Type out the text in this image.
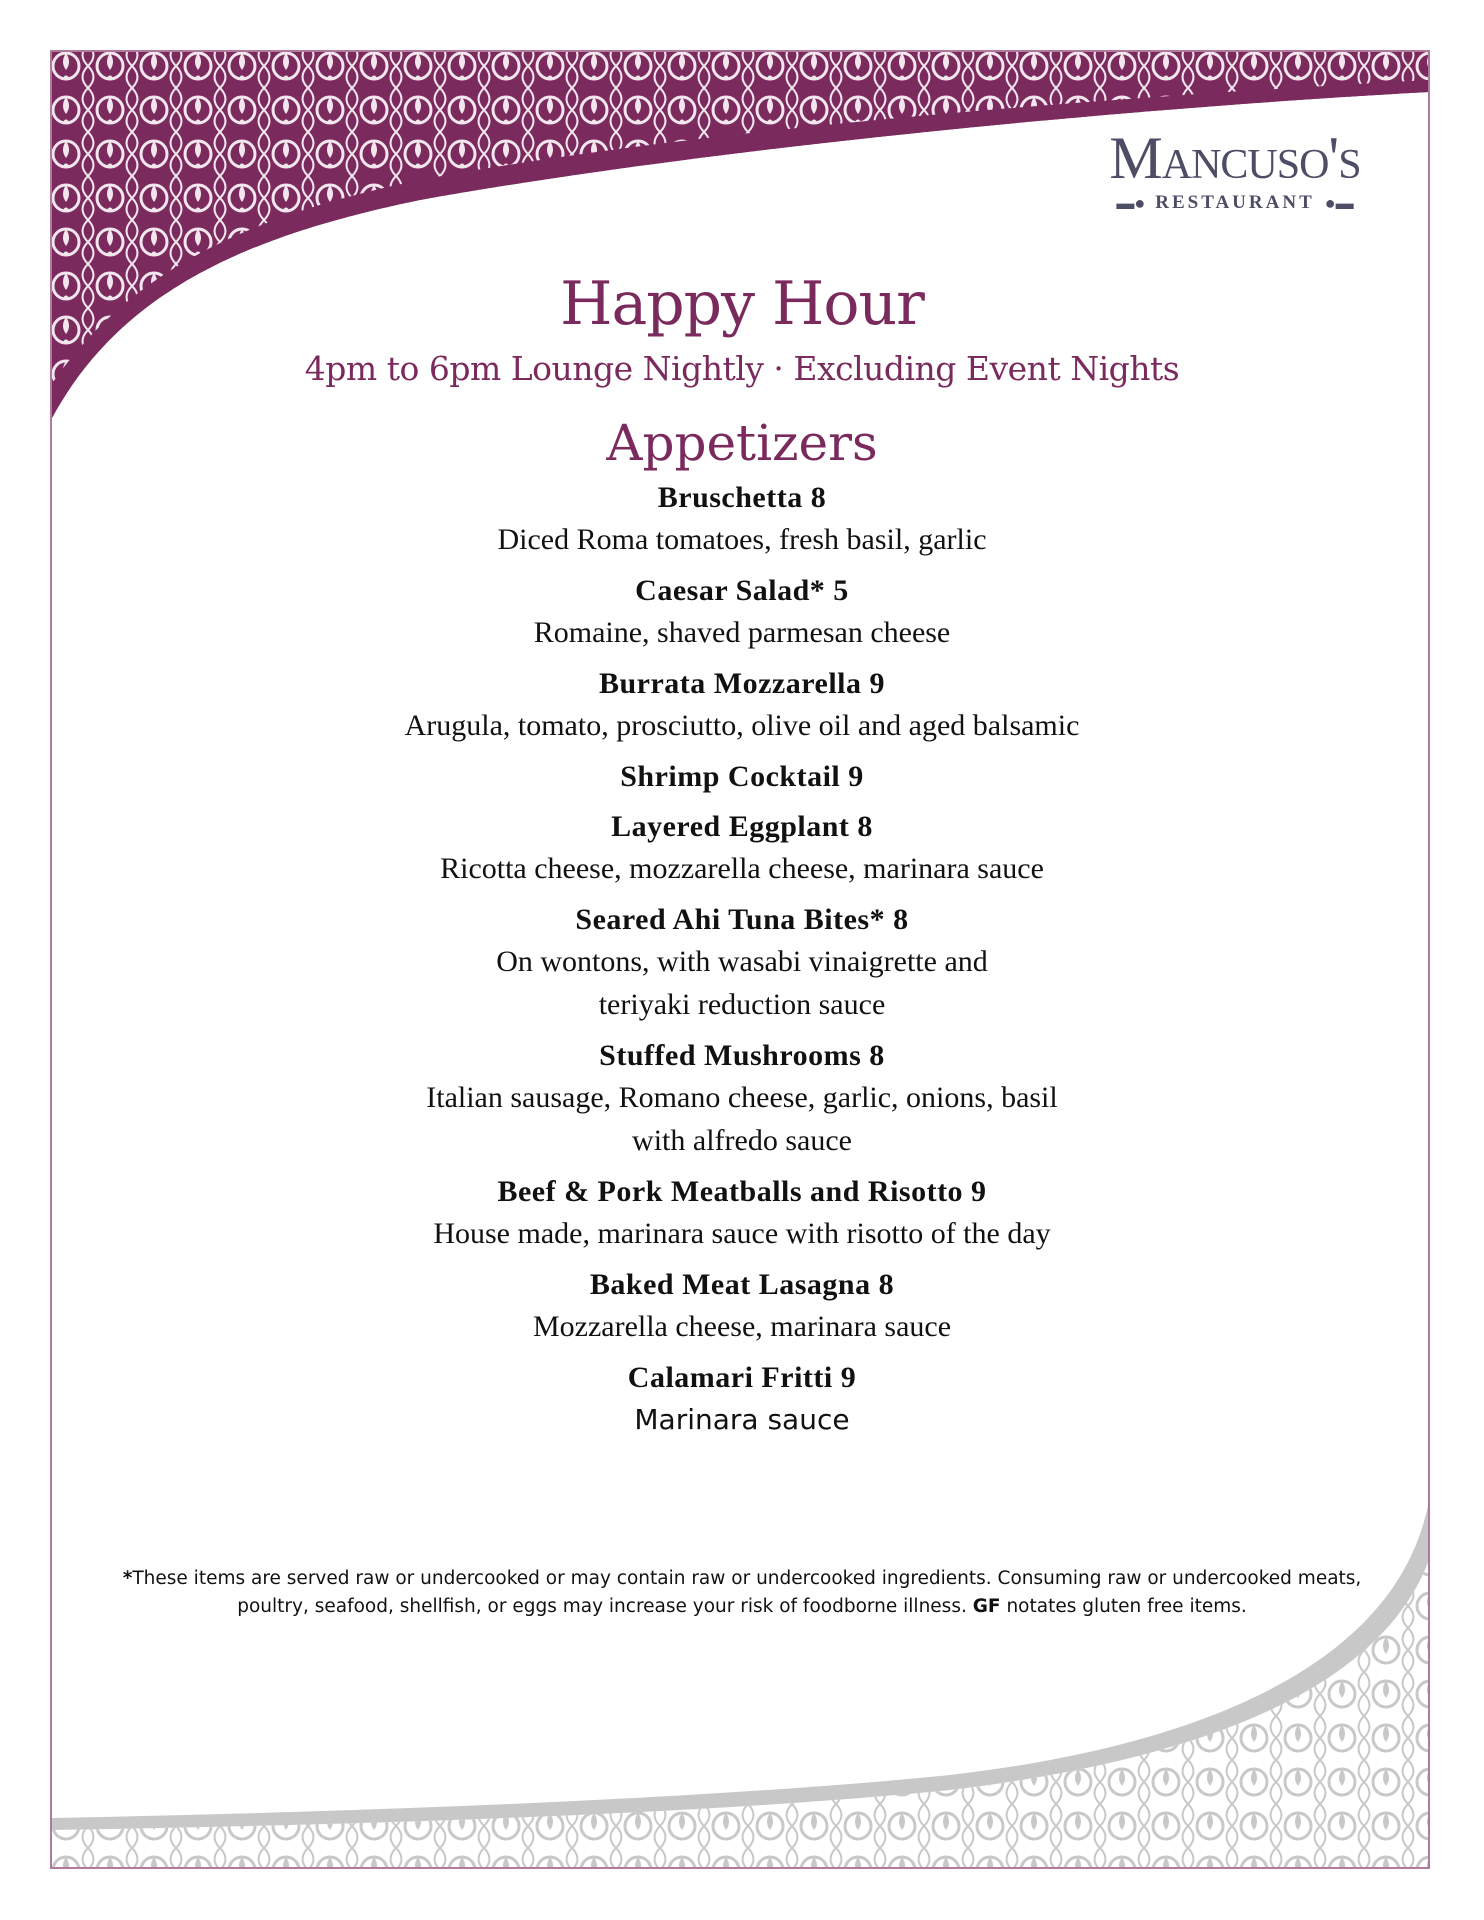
Mancuso's
▬● RESTAURANT ●▬
Happy Hour
4pm to 6pm Lounge Nightly · Excluding Event Nights
Appetizers
Bruschetta 8
Diced Roma tomatoes, fresh basil, garlic
Caesar Salad* 5
Romaine, shaved parmesan cheese
Burrata Mozzarella 9
Arugula, tomato, prosciutto, olive oil and aged balsamic
Shrimp Cocktail 9
Layered Eggplant 8
Ricotta cheese, mozzarella cheese, marinara sauce
Seared Ahi Tuna Bites* 8
On wontons, with wasabi vinaigrette and
teriyaki reduction sauce
Stuffed Mushrooms 8
Italian sausage, Romano cheese, garlic, onions, basil
with alfredo sauce
Beef & Pork Meatballs and Risotto 9
House made, marinara sauce with risotto of the day
Baked Meat Lasagna 8
Mozzarella cheese, marinara sauce
Calamari Fritti 9
Marinara sauce
*These items are served raw or undercooked or may contain raw or undercooked ingredients. Consuming raw or undercooked meats, poultry, seafood, shellfish, or eggs may increase your risk of foodborne illness. GF notates gluten free items.
